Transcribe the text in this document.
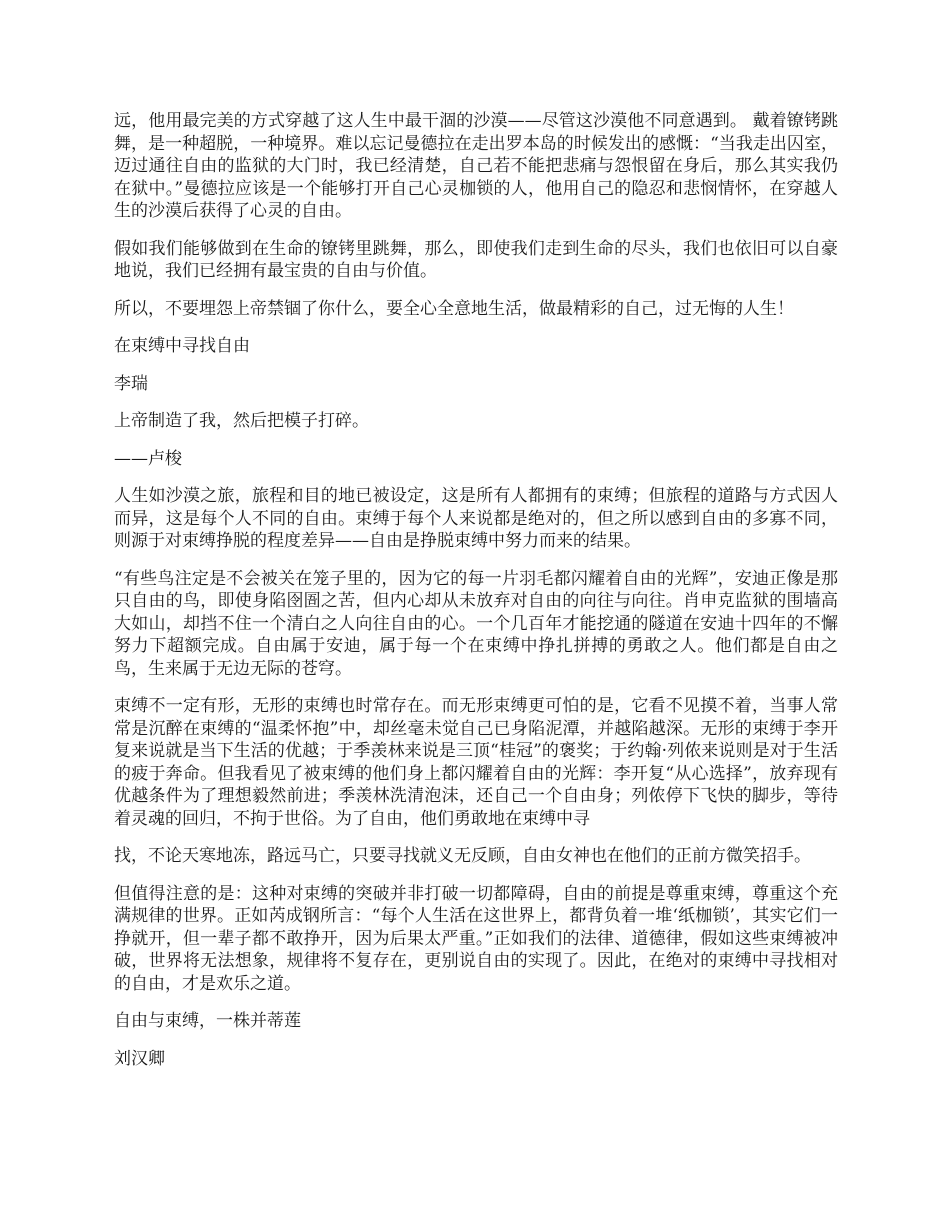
远，他用最完美的方式穿越了这人生中最干涸的沙漠——尽管这沙漠他不同意遇到。 戴着镣铐跳舞，是一种超脱，一种境界。难以忘记曼德拉在走出罗本岛的时候发出的感慨：“当我走出囚室，迈过通往自由的监狱的大门时，我已经清楚，自己若不能把悲痛与怨恨留在身后，那么其实我仍在狱中。”曼德拉应该是一个能够打开自己心灵枷锁的人，他用自己的隐忍和悲悯情怀，在穿越人生的沙漠后获得了心灵的自由。

假如我们能够做到在生命的镣铐里跳舞，那么，即使我们走到生命的尽头，我们也依旧可以自豪地说，我们已经拥有最宝贵的自由与价值。

所以，不要埋怨上帝禁锢了你什么，要全心全意地生活，做最精彩的自己，过无悔的人生！

在束缚中寻找自由

李瑞

上帝制造了我，然后把模子打碎。

——卢梭

人生如沙漠之旅，旅程和目的地已被设定，这是所有人都拥有的束缚；但旅程的道路与方式因人而异，这是每个人不同的自由。束缚于每个人来说都是绝对的，但之所以感到自由的多寡不同，则源于对束缚挣脱的程度差异——自由是挣脱束缚中努力而来的结果。

“有些鸟注定是不会被关在笼子里的，因为它的每一片羽毛都闪耀着自由的光辉”，安迪正像是那只自由的鸟，即使身陷囹圄之苦，但内心却从未放弃对自由的向往与向往。肖申克监狱的围墙高大如山，却挡不住一个清白之人向往自由的心。一个几百年才能挖通的隧道在安迪十四年的不懈努力下超额完成。自由属于安迪，属于每一个在束缚中挣扎拼搏的勇敢之人。他们都是自由之鸟，生来属于无边无际的苍穹。

束缚不一定有形，无形的束缚也时常存在。而无形束缚更可怕的是，它看不见摸不着，当事人常常是沉醉在束缚的“温柔怀抱”中，却丝毫未觉自己已身陷泥潭，并越陷越深。无形的束缚于李开复来说就是当下生活的优越；于季羡林来说是三顶“桂冠”的褒奖；于约翰·列侬来说则是对于生活的疲于奔命。但我看见了被束缚的他们身上都闪耀着自由的光辉：李开复“从心选择”，放弃现有优越条件为了理想毅然前进；季羡林洗清泡沫，还自己一个自由身；列侬停下飞快的脚步，等待着灵魂的回归，不拘于世俗。为了自由，他们勇敢地在束缚中寻

找，不论天寒地冻，路远马亡，只要寻找就义无反顾，自由女神也在他们的正前方微笑招手。

但值得注意的是：这种对束缚的突破并非打破一切都障碍，自由的前提是尊重束缚，尊重这个充满规律的世界。正如芮成钢所言：“每个人生活在这世界上，都背负着一堆‘纸枷锁’，其实它们一挣就开，但一辈子都不敢挣开，因为后果太严重。”正如我们的法律、道德律，假如这些束缚被冲破，世界将无法想象，规律将不复存在，更别说自由的实现了。因此，在绝对的束缚中寻找相对的自由，才是欢乐之道。

自由与束缚，一株并蒂莲

刘汉卿
